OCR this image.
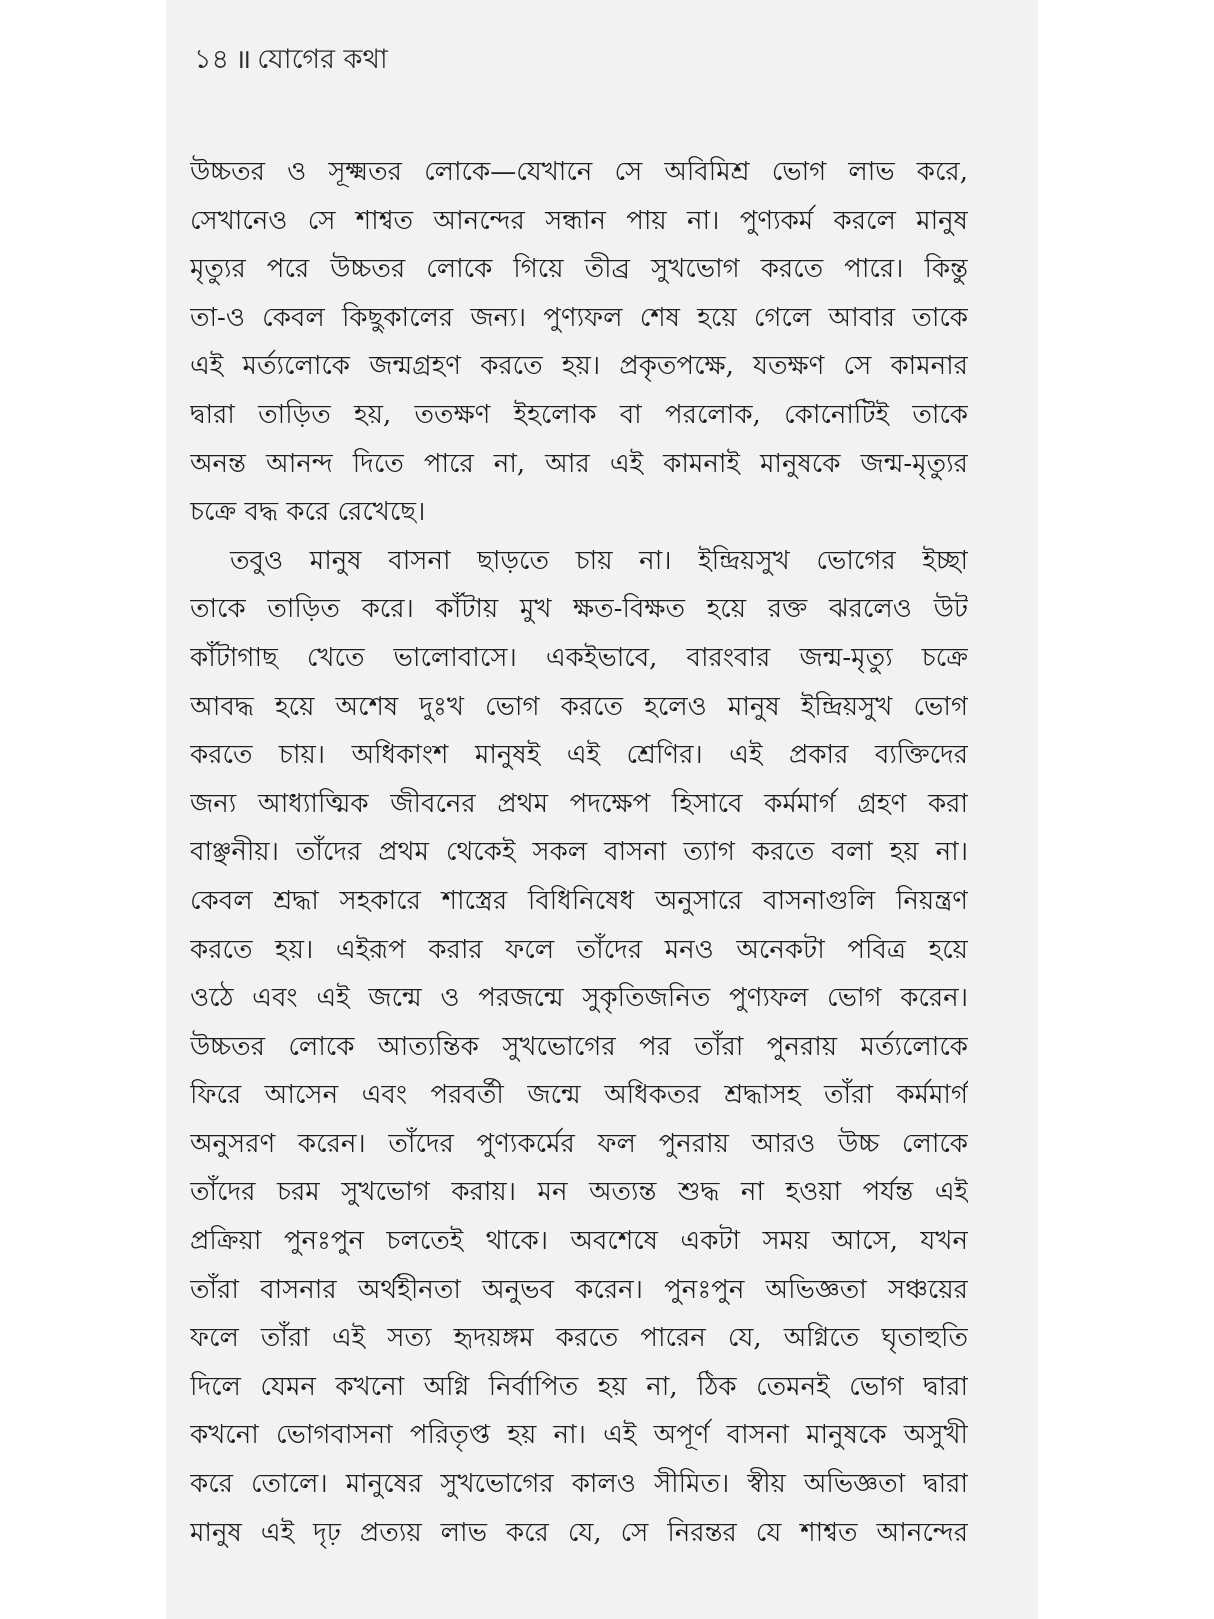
১৪ ॥ যোগের কথা
উচ্চতর ও সূক্ষ্মতর লোকে—যেখানে সে অবিমিশ্র ভোগ লাভ করে,
সেখানেও সে শাশ্বত আনন্দের সন্ধান পায় না। পুণ্যকর্ম করলে মানুষ
মৃত্যুর পরে উচ্চতর লোকে গিয়ে তীব্র সুখভোগ করতে পারে। কিন্তু
তা-ও কেবল কিছুকালের জন্য। পুণ্যফল শেষ হয়ে গেলে আবার তাকে
এই মর্ত্যলোকে জন্মগ্রহণ করতে হয়। প্রকৃতপক্ষে, যতক্ষণ সে কামনার
দ্বারা তাড়িত হয়, ততক্ষণ ইহলোক বা পরলোক, কোনোটিই তাকে
অনন্ত আনন্দ দিতে পারে না, আর এই কামনাই মানুষকে জন্ম-মৃত্যুর
চক্রে বদ্ধ করে রেখেছে।
তবুও মানুষ বাসনা ছাড়তে চায় না। ইন্দ্রিয়সুখ ভোগের ইচ্ছা
তাকে তাড়িত করে। কাঁটায় মুখ ক্ষত-বিক্ষত হয়ে রক্ত ঝরলেও উট
কাঁটাগাছ খেতে ভালোবাসে। একইভাবে, বারংবার জন্ম-মৃত্যু চক্রে
আবদ্ধ হয়ে অশেষ দুঃখ ভোগ করতে হলেও মানুষ ইন্দ্রিয়সুখ ভোগ
করতে চায়। অধিকাংশ মানুষই এই শ্রেণির। এই প্রকার ব্যক্তিদের
জন্য আধ্যাত্মিক জীবনের প্রথম পদক্ষেপ হিসাবে কর্মমার্গ গ্রহণ করা
বাঞ্ছনীয়। তাঁদের প্রথম থেকেই সকল বাসনা ত্যাগ করতে বলা হয় না।
কেবল শ্রদ্ধা সহকারে শাস্ত্রের বিধিনিষেধ অনুসারে বাসনাগুলি নিয়ন্ত্রণ
করতে হয়। এইরূপ করার ফলে তাঁদের মনও অনেকটা পবিত্র হয়ে
ওঠে এবং এই জন্মে ও পরজন্মে সুকৃতিজনিত পুণ্যফল ভোগ করেন।
উচ্চতর লোকে আত্যন্তিক সুখভোগের পর তাঁরা পুনরায় মর্ত্যলোকে
ফিরে আসেন এবং পরবর্তী জন্মে অধিকতর শ্রদ্ধাসহ তাঁরা কর্মমার্গ
অনুসরণ করেন। তাঁদের পুণ্যকর্মের ফল পুনরায় আরও উচ্চ লোকে
তাঁদের চরম সুখভোগ করায়। মন অত্যন্ত শুদ্ধ না হওয়া পর্যন্ত এই
প্রক্রিয়া পুনঃপুন চলতেই থাকে। অবশেষে একটা সময় আসে, যখন
তাঁরা বাসনার অর্থহীনতা অনুভব করেন। পুনঃপুন অভিজ্ঞতা সঞ্চয়ের
ফলে তাঁরা এই সত্য হৃদয়ঙ্গম করতে পারেন যে, অগ্নিতে ঘৃতাহুতি
দিলে যেমন কখনো অগ্নি নির্বাপিত হয় না, ঠিক তেমনই ভোগ দ্বারা
কখনো ভোগবাসনা পরিতৃপ্ত হয় না। এই অপূর্ণ বাসনা মানুষকে অসুখী
করে তোলে। মানুষের সুখভোগের কালও সীমিত। স্বীয় অভিজ্ঞতা দ্বারা
মানুষ এই দৃঢ় প্রত্যয় লাভ করে যে, সে নিরন্তর যে শাশ্বত আনন্দের
